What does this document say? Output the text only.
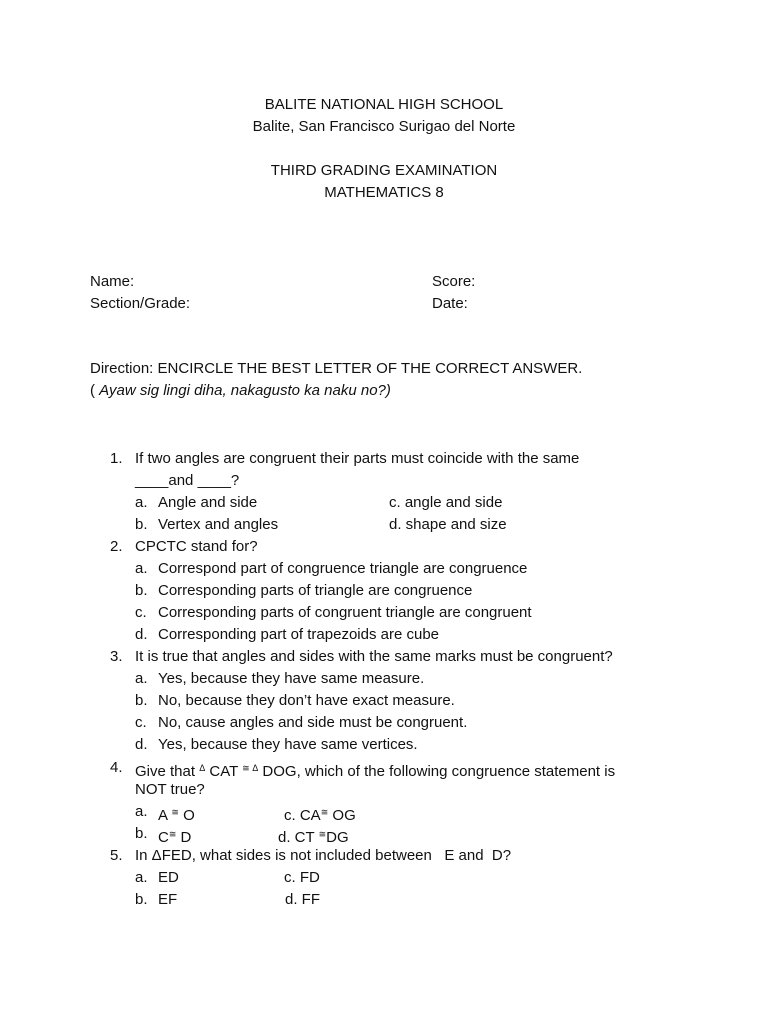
BALITE NATIONAL HIGH SCHOOL
Balite, San Francisco Surigao del Norte
THIRD GRADING EXAMINATION
MATHEMATICS 8
Name:	Score:
Section/Grade:	Date:
Direction: ENCIRCLE THE BEST LETTER OF THE CORRECT ANSWER.
( Ayaw sig lingi diha, nakagusto ka naku no?)
1. If two angles are congruent their parts must coincide with the same
____and ____?
a. Angle and side	c. angle and side
b. Vertex and angles	d. shape and size
2. CPCTC stand for?
a. Correspond part of congruence triangle are congruence
b. Corresponding parts of triangle are congruence
c. Corresponding parts of congruent triangle are congruent
d. Corresponding part of trapezoids are cube
3. It is true that angles and sides with the same marks must be congruent?
a. Yes, because they have same measure.
b. No, because they don’t have exact measure.
c. No, cause angles and side must be congruent.
d. Yes, because they have same vertices.
4. Give that $^\Delta$ CAT ≅ $^\Delta$ DOG, which of the following congruence statement is
NOT true?
a. A ≅ O	c. CA≅ OG
b. C≅ D	d. CT ≅DG
5. In ΔFED, what sides is not included between   E and  D?
a. ED	c. FD
b. EF	d. FF
